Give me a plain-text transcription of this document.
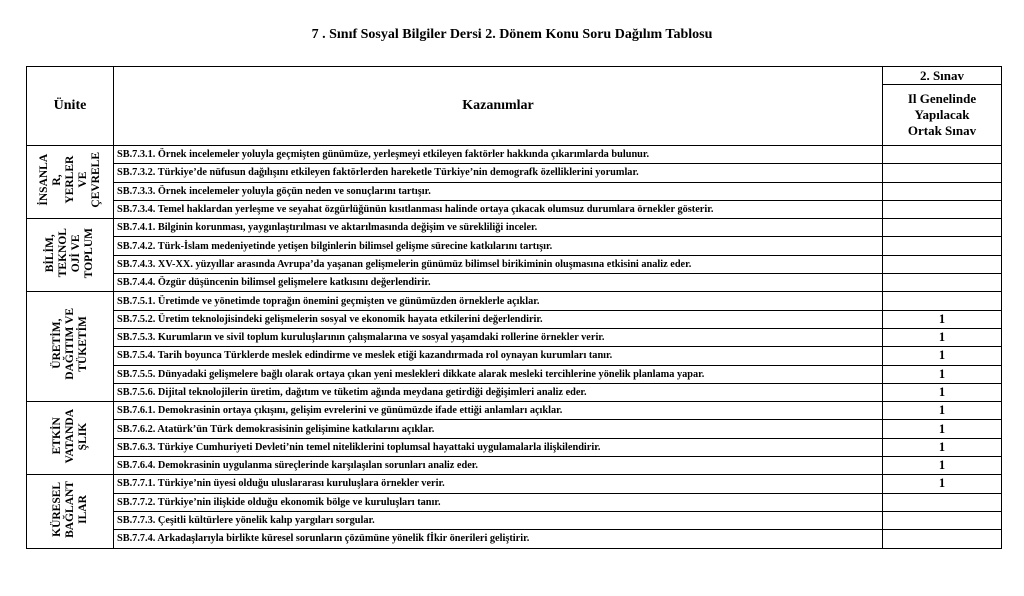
7 . Sınıf Sosyal Bilgiler Dersi 2. Dönem Konu Soru Dağılım Tablosu
Ünite	Kazanımlar	2. Sınav
		Il Genelinde
Yapılacak
Ortak Sınav
İNSANLA
R,
YERLER
VE
ÇEVRELE	SB.7.3.1. Örnek incelemeler yoluyla geçmişten günümüze, yerleşmeyi etkileyen faktörler hakkında çıkarımlarda bulunur.	
	SB.7.3.2. Türkiye’de nüfusun dağılışını etkileyen faktörlerden hareketle Türkiye’nin demografk özelliklerini yorumlar.	
	SB.7.3.3. Örnek incelemeler yoluyla göçün neden ve sonuçlarını tartışır.	
	SB.7.3.4. Temel haklardan yerleşme ve seyahat özgürlüğünün kısıtlanması halinde ortaya çıkacak olumsuz durumlara örnekler gösterir.	
BİLİM,
TEKNOL
OJİ VE
TOPLUM	SB.7.4.1. Bilginin korunması, yaygınlaştırılması ve aktarılmasında değişim ve sürekliliği inceler.	
	SB.7.4.2. Türk-İslam medeniyetinde yetişen bilginlerin bilimsel gelişme sürecine katkılarını tartışır.	
	SB.7.4.3. XV-XX. yüzyıllar arasında Avrupa’da yaşanan gelişmelerin günümüz bilimsel birikiminin oluşmasına etkisini analiz eder.	
	SB.7.4.4. Özgür düşüncenin bilimsel gelişmelere katkısını değerlendirir.	
ÜRETİM,
DAĞITIM VE
TÜKETİM	SB.7.5.1. Üretimde ve yönetimde toprağın önemini geçmişten ve günümüzden örneklerle açıklar.	
	SB.7.5.2. Üretim teknolojisindeki gelişmelerin sosyal ve ekonomik hayata etkilerini değerlendirir.	1
	SB.7.5.3. Kurumların ve sivil toplum kuruluşlarının çalışmalarına ve sosyal yaşamdaki rollerine örnekler verir.	1
	SB.7.5.4. Tarih boyunca Türklerde meslek edindirme ve meslek etiği kazandırmada rol oynayan kurumları tanır.	1
	SB.7.5.5. Dünyadaki gelişmelere bağlı olarak ortaya çıkan yeni meslekleri dikkate alarak mesleki tercihlerine yönelik planlama yapar.	1
	SB.7.5.6. Dijital teknolojilerin üretim, dağıtım ve tüketim ağında meydana getirdiği değişimleri analiz eder.	1
ETKİN
VATANDA
ŞLIK	SB.7.6.1. Demokrasinin ortaya çıkışını, gelişim evrelerini ve günümüzde ifade ettiği anlamları açıklar.	1
	SB.7.6.2. Atatürk’ün Türk demokrasisinin gelişimine katkılarını açıklar.	1
	SB.7.6.3. Türkiye Cumhuriyeti Devleti’nin temel niteliklerini toplumsal hayattaki uygulamalarla ilişkilendirir.	1
	SB.7.6.4. Demokrasinin uygulanma süreçlerinde karşılaşılan sorunları analiz eder.	1
KÜRESEL
BAĞLANT
ILAR	SB.7.7.1. Türkiye’nin üyesi olduğu uluslararası kuruluşlara örnekler verir.	1
	SB.7.7.2. Türkiye’nin ilişkide olduğu ekonomik bölge ve kuruluşları tanır.	
	SB.7.7.3. Çeşitli kültürlere yönelik kalıp yargıları sorgular.	
	SB.7.7.4. Arkadaşlarıyla birlikte küresel sorunların çözümüne yönelik fİkir önerileri geliştirir.	
